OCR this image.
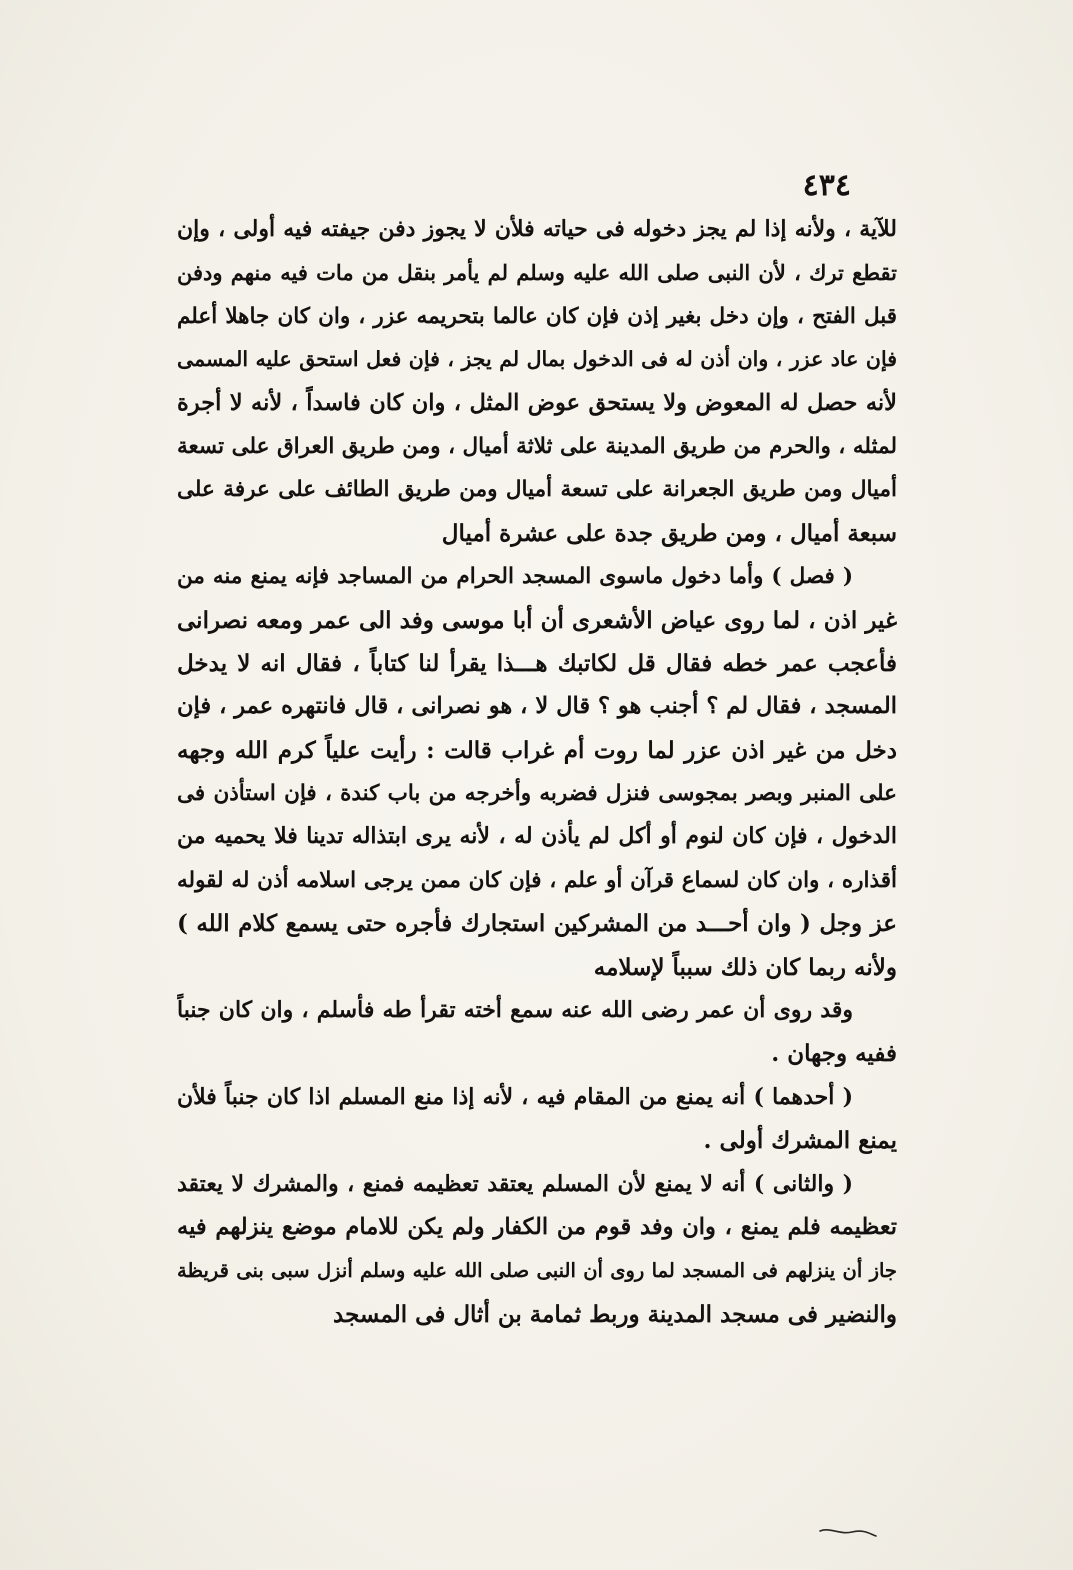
٤٣٤
للآية ، ولأنه إذا لم يجز دخوله فى حياته فلأن لا يجوز دفن جيفته فيه أولى ، وإن
تقطع ترك ، لأن النبى صلى الله عليه وسلم لم يأمر بنقل من مات فيه منهم ودفن
قبل الفتح ، وإن دخل بغير إذن فإن كان عالما بتحريمه عزر ، وان كان جاهلا أعلم
فإن عاد عزر ، وان أذن له فى الدخول بمال لم يجز ، فإن فعل استحق عليه المسمى
لأنه حصل له المعوض ولا يستحق عوض المثل ، وان كان فاسداً ، لأنه لا أجرة
لمثله ، والحرم من طريق المدينة على ثلاثة أميال ، ومن طريق العراق على تسعة
أميال ومن طريق الجعرانة على تسعة أميال ومن طريق الطائف على عرفة على
سبعة أميال ، ومن طريق جدة على عشرة أميال
( فصل ) وأما دخول ماسوى المسجد الحرام من المساجد فإنه يمنع منه من
غير اذن ، لما روى عياض الأشعرى أن أبا موسى وفد الى عمر ومعه نصرانى
فأعجب عمر خطه فقال قل لكاتبك هـــذا يقرأ لنا كتاباً ، فقال انه لا يدخل
المسجد ، فقال لم ؟ أجنب هو ؟ قال لا ، هو نصرانى ، قال فانتهره عمر ، فإن
دخل من غير اذن عزر لما روت أم غراب قالت : رأيت علياً كرم الله وجهه
على المنبر وبصر بمجوسى فنزل فضربه وأخرجه من باب كندة ، فإن استأذن فى
الدخول ، فإن كان لنوم أو أكل لم يأذن له ، لأنه يرى ابتذاله تدينا فلا يحميه من
أقذاره ، وان كان لسماع قرآن أو علم ، فإن كان ممن يرجى اسلامه أذن له لقوله
عز وجل ( وان أحـــد من المشركين استجارك فأجره حتى يسمع كلام الله )
ولأنه ربما كان ذلك سبباً لإسلامه
وقد روى أن عمر رضى الله عنه سمع أخته تقرأ طه فأسلم ، وان كان جنباً
ففيه وجهان .
( أحدهما ) أنه يمنع من المقام فيه ، لأنه إذا منع المسلم اذا كان جنباً فلأن
يمنع المشرك أولى .
( والثانى ) أنه لا يمنع لأن المسلم يعتقد تعظيمه فمنع ، والمشرك لا يعتقد
تعظيمه فلم يمنع ، وان وفد قوم من الكفار ولم يكن للامام موضع ينزلهم فيه
جاز أن ينزلهم فى المسجد لما روى أن النبى صلى الله عليه وسلم أنزل سبى بنى قريظة
والنضير فى مسجد المدينة وربط ثمامة بن أثال فى المسجد
